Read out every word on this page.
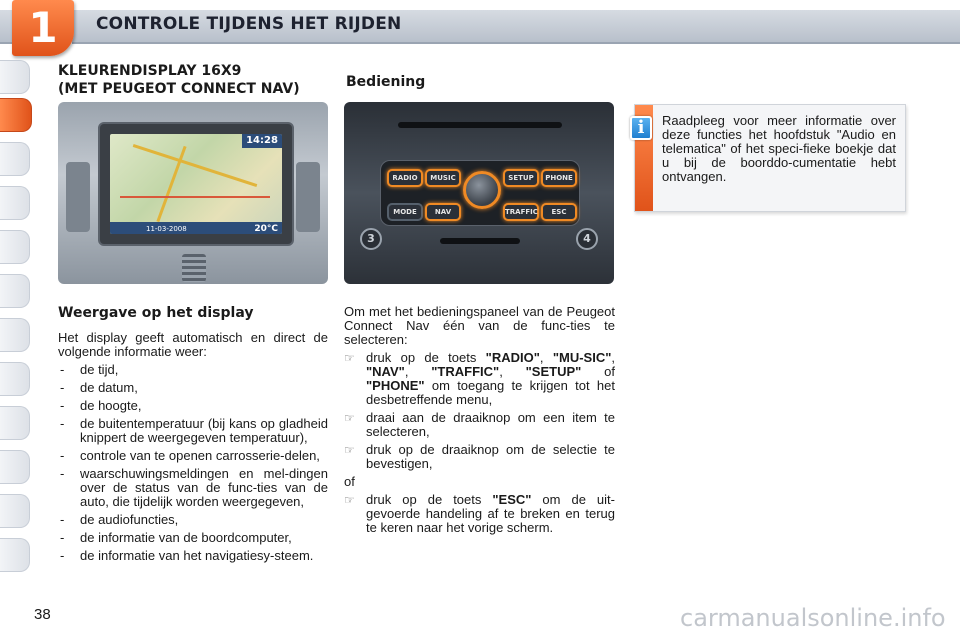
1	CONTROLE TIJDENS HET RIJDEN
KLEURENDISPLAY 16X9
(MET PEUGEOT CONNECT NAV)
14:28
11-03-2008	20°C
Weergave op het display

Het display geeft automatisch en direct de volgende informatie weer:

- de tijd,
- de datum,
- de hoogte,
- de buitentemperatuur (bij kans op gladheid knippert de weergegeven temperatuur),
- controle van te openen carrosserie-delen,
- waarschuwingsmeldingen en mel-dingen over de status van de func-ties van de auto, die tijdelijk worden weergegeven,
- de audiofuncties,
- de informatie van de boordcomputer,
- de informatie van het navigatiesy-steem.
Bediening
RADIO	MUSIC	SETUP	PHONE
MODE	NAV	TRAFFIC	ESC
3	4

Om met het bedieningspaneel van de Peugeot Connect Nav één van de func-ties te selecteren:

☞ druk op de toets "RADIO", "MU-SIC", "NAV", "TRAFFIC", "SETUP" of "PHONE" om toegang te krijgen tot het desbetreffende menu,
☞ draai aan de draaiknop om een item te selecteren,
☞ druk op de draaiknop om de selectie te bevestigen,

of

☞ druk op de toets "ESC" om de uit-gevoerde handeling af te breken en terug te keren naar het vorige scherm.
i	Raadpleeg voor meer informatie over deze functies het hoofdstuk "Audio en telematica" of het speci-fieke boekje dat u bij de boorddo-cumentatie hebt ontvangen.
38	carmanualsonline.info
